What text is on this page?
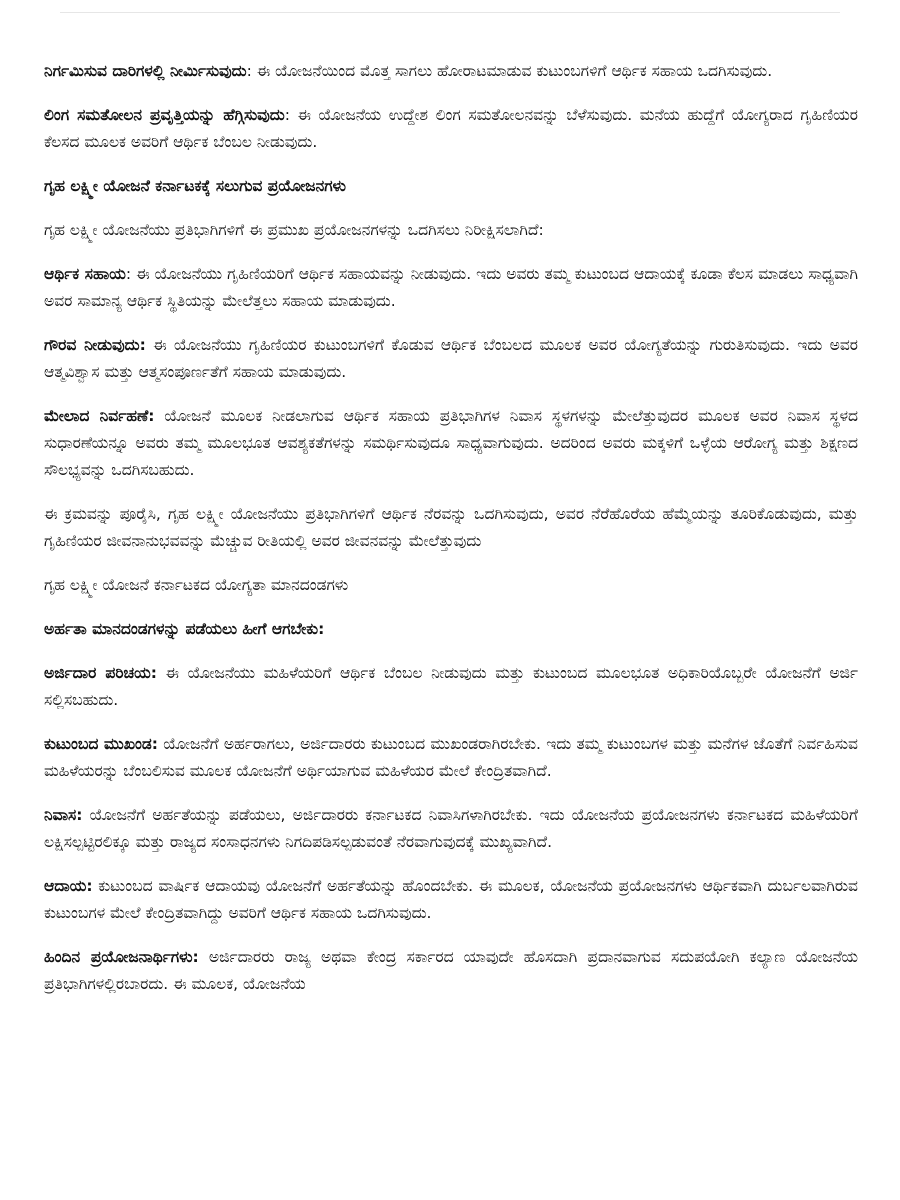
ನಿರ್ಗಮಿಸುವ ದಾರಿಗಳಲ್ಲಿ ನೀರ್ಮಿಸುವುದು: ಈ ಯೋಜನೆಯಿಂದ ಮೊತ್ತ ಸಾಗಲು ಹೋರಾಟಮಾಡುವ ಕುಟುಂಬಗಳಿಗೆ ಆರ್ಥಿಕ ಸಹಾಯ ಒದಗಿಸುವುದು.

ಲಿಂಗ ಸಮತೋಲನ ಪ್ರವೃತ್ತಿಯನ್ನು ಹೆಗ್ಗಿಸುವುದು: ಈ ಯೋಜನೆಯ ಉದ್ದೇಶ ಲಿಂಗ ಸಮತೋಲನವನ್ನು ಬೆಳೆಸುವುದು. ಮನೆಯ ಹುದ್ದೆಗೆ ಯೋಗ್ಯರಾದ ಗೃಹಿಣಿಯರ ಕೆಲಸದ ಮೂಲಕ ಅವರಿಗೆ ಆರ್ಥಿಕ ಬೆಂಬಲ ನೀಡುವುದು.

ಗೃಹ ಲಕ್ಷ್ಮೀ ಯೋಜನೆ ಕರ್ನಾಟಕಕ್ಕೆ ಸಲುಗುವ ಪ್ರಯೋಜನಗಳು
ಗೃಹ ಲಕ್ಷ್ಮೀ ಯೋಜನೆಯು ಪ್ರತಿಭಾಗಿಗಳಿಗೆ ಈ ಪ್ರಮುಖ ಪ್ರಯೋಜನಗಳನ್ನು ಒದಗಿಸಲು ನಿರೀಕ್ಷಿಸಲಾಗಿದೆ:

ಆರ್ಥಿಕ ಸಹಾಯ: ಈ ಯೋಜನೆಯು ಗೃಹಿಣಿಯರಿಗೆ ಆರ್ಥಿಕ ಸಹಾಯವನ್ನು ನೀಡುವುದು. ಇದು ಅವರು ತಮ್ಮ ಕುಟುಂಬದ ಆದಾಯಕ್ಕೆ ಕೂಡಾ ಕೆಲಸ ಮಾಡಲು ಸಾಧ್ಯವಾಗಿ ಅವರ ಸಾಮಾನ್ಯ ಆರ್ಥಿಕ ಸ್ಥಿತಿಯನ್ನು ಮೇಲೆತ್ತಲು ಸಹಾಯ ಮಾಡುವುದು.

ಗೌರವ ನೀಡುವುದು: ಈ ಯೋಜನೆಯು ಗೃಹಿಣಿಯರ ಕುಟುಂಬಗಳಿಗೆ ಕೊಡುವ ಆರ್ಥಿಕ ಬೆಂಬಲದ ಮೂಲಕ ಅವರ ಯೋಗ್ಯತೆಯನ್ನು ಗುರುತಿಸುವುದು. ಇದು ಅವರ ಆತ್ಮವಿಶ್ವಾಸ ಮತ್ತು ಆತ್ಮಸಂಪೂರ್ಣತೆಗೆ ಸಹಾಯ ಮಾಡುವುದು.

ಮೇಲಾದ ನಿರ್ವಹಣೆ: ಯೋಜನೆ ಮೂಲಕ ನೀಡಲಾಗುವ ಆರ್ಥಿಕ ಸಹಾಯ ಪ್ರತಿಭಾಗಿಗಳ ನಿವಾಸ ಸ್ಥಳಗಳನ್ನು ಮೇಲೆತ್ತುವುದರ ಮೂಲಕ ಅವರ ನಿವಾಸ ಸ್ಥಳದ ಸುಧಾರಣೆಯನ್ನೂ ಅವರು ತಮ್ಮ ಮೂಲಭೂತ ಆವಶ್ಯಕತೆಗಳನ್ನು ಸಮರ್ಥಿಸುವುದೂ ಸಾಧ್ಯವಾಗುವುದು. ಅದರಿಂದ ಅವರು ಮಕ್ಕಳಿಗೆ ಒಳ್ಳೆಯ ಆರೋಗ್ಯ ಮತ್ತು ಶಿಕ್ಷಣದ ಸೌಲಭ್ಯವನ್ನು ಒದಗಿಸಬಹುದು.

ಈ ಕ್ರಮವನ್ನು ಪೂರೈಸಿ, ಗೃಹ ಲಕ್ಷ್ಮೀ ಯೋಜನೆಯು ಪ್ರತಿಭಾಗಿಗಳಿಗೆ ಆರ್ಥಿಕ ನೆರವನ್ನು ಒದಗಿಸುವುದು, ಅವರ ನೆರೆಹೊರೆಯ ಹೆಮ್ಮೆಯನ್ನು ತೂರಿಕೊಡುವುದು, ಮತ್ತು ಗೃಹಿಣಿಯರ ಜೀವನಾನುಭವವನ್ನು ಮೆಚ್ಚುವ ರೀತಿಯಲ್ಲಿ ಅವರ ಜೀವನವನ್ನು ಮೇಲೆತ್ತುವುದು

ಗೃಹ ಲಕ್ಷ್ಮೀ ಯೋಜನೆ ಕರ್ನಾಟಕದ ಯೋಗ್ಯತಾ ಮಾನದಂಡಗಳು
ಅರ್ಹತಾ ಮಾನದಂಡಗಳನ್ನು ಪಡೆಯಲು ಹೀಗೆ ಆಗಬೇಕು:

ಅರ್ಜಿದಾರ ಪರಿಚಯ: ಈ ಯೋಜನೆಯು ಮಹಿಳೆಯರಿಗೆ ಆರ್ಥಿಕ ಬೆಂಬಲ ನೀಡುವುದು ಮತ್ತು ಕುಟುಂಬದ ಮೂಲಭೂತ ಅಧಿಕಾರಿಯೊಬ್ಬರೇ ಯೋಜನೆಗೆ ಅರ್ಜಿ ಸಲ್ಲಿಸಬಹುದು.

ಕುಟುಂಬದ ಮುಖಂಡ: ಯೋಜನೆಗೆ ಅರ್ಹರಾಗಲು, ಅರ್ಜಿದಾರರು ಕುಟುಂಬದ ಮುಖಂಡರಾಗಿರಬೇಕು. ಇದು ತಮ್ಮ ಕುಟುಂಬಗಳ ಮತ್ತು ಮನೆಗಳ ಜೊತೆಗೆ ನಿರ್ವಹಿಸುವ ಮಹಿಳೆಯರನ್ನು ಬೆಂಬಲಿಸುವ ಮೂಲಕ ಯೋಜನೆಗೆ ಅರ್ಥಿಯಾಗುವ ಮಹಿಳೆಯರ ಮೇಲೆ ಕೇಂದ್ರಿತವಾಗಿದೆ.

ನಿವಾಸ: ಯೋಜನೆಗೆ ಅರ್ಹತೆಯನ್ನು ಪಡೆಯಲು, ಅರ್ಜಿದಾರರು ಕರ್ನಾಟಕದ ನಿವಾಸಿಗಳಾಗಿರಬೇಕು. ಇದು ಯೋಜನೆಯ ಪ್ರಯೋಜನಗಳು ಕರ್ನಾಟಕದ ಮಹಿಳೆಯರಿಗೆ ಲಕ್ಷಿಸಲ್ಪಟ್ಟಿರಲಿಕ್ಕೂ ಮತ್ತು ರಾಜ್ಯದ ಸಂಸಾಧನಗಳು ನಿಗದಿಪಡಿಸಲ್ಪಡುವಂತೆ ನೆರವಾಗುವುದಕ್ಕೆ ಮುಖ್ಯವಾಗಿದೆ.

ಆದಾಯ: ಕುಟುಂಬದ ವಾರ್ಷಿಕ ಆದಾಯವು ಯೋಜನೆಗೆ ಅರ್ಹತೆಯನ್ನು ಹೊಂದಬೇಕು. ಈ ಮೂಲಕ, ಯೋಜನೆಯ ಪ್ರಯೋಜನಗಳು ಆರ್ಥಿಕವಾಗಿ ದುರ್ಬಲವಾಗಿರುವ ಕುಟುಂಬಗಳ ಮೇಲೆ ಕೇಂದ್ರಿತವಾಗಿದ್ದು ಅವರಿಗೆ ಆರ್ಥಿಕ ಸಹಾಯ ಒದಗಿಸುವುದು.

ಹಿಂದಿನ ಪ್ರಯೋಜನಾರ್ಥಿಗಳು: ಅರ್ಜಿದಾರರು ರಾಜ್ಯ ಅಥವಾ ಕೇಂದ್ರ ಸರ್ಕಾರದ ಯಾವುದೇ ಹೊಸದಾಗಿ ಪ್ರದಾನವಾಗುವ ಸದುಪಯೋಗಿ ಕಲ್ಯಾಣ ಯೋಜನೆಯ ಪ್ರತಿಭಾಗಿಗಳಲ್ಲಿರಬಾರದು. ಈ ಮೂಲಕ, ಯೋಜನೆಯ
